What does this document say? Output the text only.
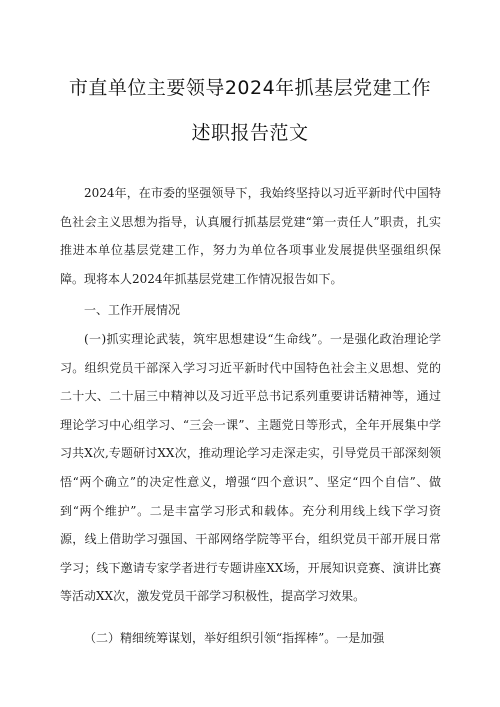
市直单位主要领导2024年抓基层党建工作
述职报告范文

2024年，在市委的坚强领导下，我始终坚持以习近平新时代中国特色社会主义思想为指导，认真履行抓基层党建“第一责任人”职责，扎实推进本单位基层党建工作，努力为单位各项事业发展提供坚强组织保障。现将本人2024年抓基层党建工作情况报告如下。

一、工作开展情况

(一)抓实理论武装，筑牢思想建设“生命线”。一是强化政治理论学习。组织党员干部深入学习习近平新时代中国特色社会主义思想、党的二十大、二十届三中精神以及习近平总书记系列重要讲话精神等，通过理论学习中心组学习、“三会一课”、主题党日等形式，全年开展集中学习共X次,专题研讨XX次，推动理论学习走深走实，引导党员干部深刻领悟“两个确立”的决定性意义，增强“四个意识”、坚定“四个自信”、做到“两个维护”。二是丰富学习形式和载体。充分利用线上线下学习资源，线上借助学习强国、干部网络学院等平台，组织党员干部开展日常学习；线下邀请专家学者进行专题讲座XX场，开展知识竞赛、演讲比赛等活动XX次，激发党员干部学习积极性，提高学习效果。

（二）精细统筹谋划，举好组织引领“指挥棒”。一是加强
